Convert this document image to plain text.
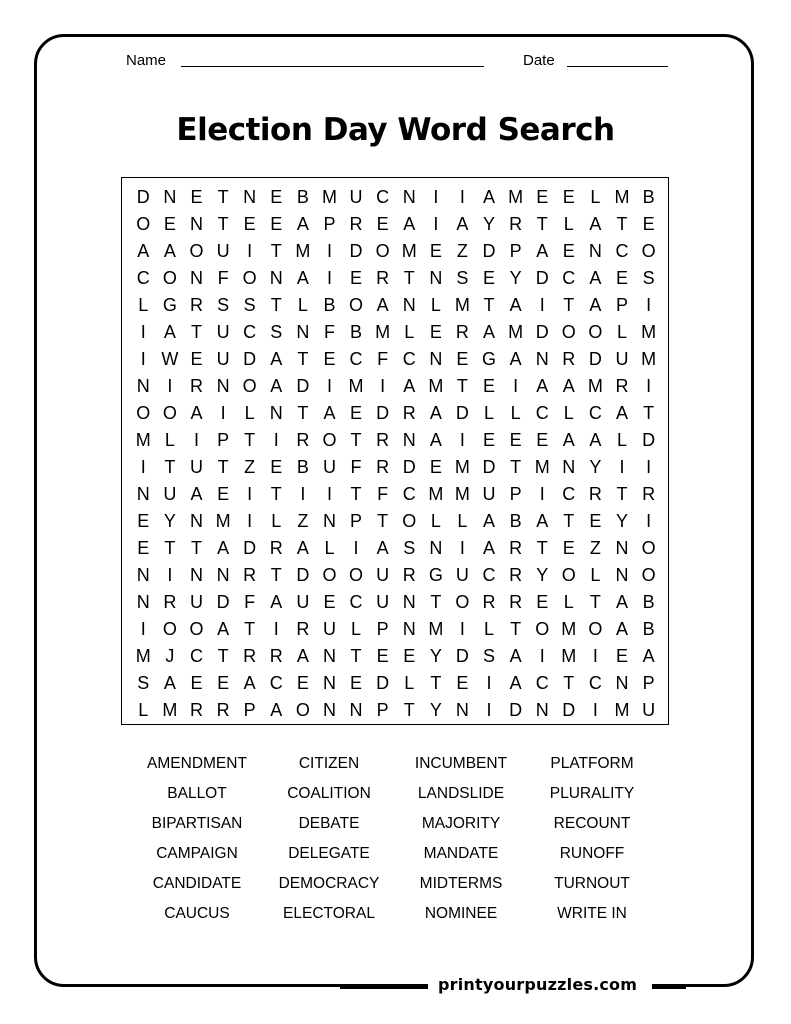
Name	Date
Election Day Word Search
D N E T N E B M U C N I	I	A M E E L M B
O E N T E E A P R E A	I	A Y R T L A T E
A A O U I	T M I D O M E Z D P A E N C O
C O N F O N A	I	E R T N S E Y D C A E S
L G R S S T L B O A N L M T A	I	T A P	I
I	A T U C S N F B M L E R A M D O O L M
I W E U D A T E C F C N E G A N R D U M
N I R N O A D I M I	A M T E	I	A A M R I
O O A	I	L N T A E D R A D L L C L C A T
M L	I	P T	I R O T R N A	I	E E E A A L D
I	T U T Z E B U F R D E M D T M N Y	I	I
N U A E	I	T	I	I	T F C M M U P	I C R T R
E Y N M I	L Z N P T O L L A B A T E Y	I
E T T A D R A L	I	A S N I	A R T E Z N O
N I N N R T D O O U R G U C R Y O L N O
N R U D F A U E C U N T O R R E L T A B
I O O A T	I R U L P N M I	L T O M O A B
M J C T R R A N T E E Y D S A	I M I	E A
S A E E A C E N E D L T E	I	A C T C N P
L M R R P A O N N P T Y N I D N D I M U
AMENDMENT	CITIZEN	INCUMBENT	PLATFORM
BALLOT	COALITION	LANDSLIDE	PLURALITY
BIPARTISAN	DEBATE	MAJORITY	RECOUNT
CAMPAIGN	DELEGATE	MANDATE	RUNOFF
CANDIDATE	DEMOCRACY	MIDTERMS	TURNOUT
CAUCUS	ELECTORAL	NOMINEE	WRITE IN
printyourpuzzles.com
